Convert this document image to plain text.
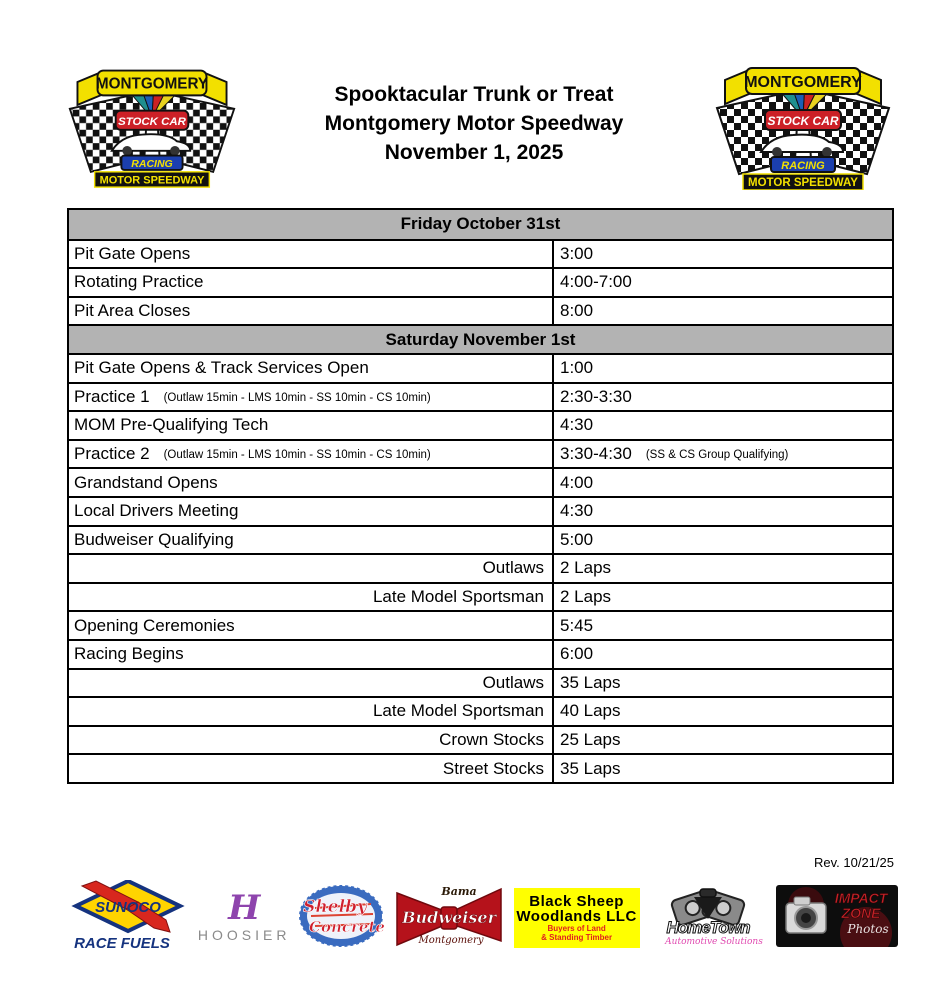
MONTGOMERY
STOCK CAR
RACING
MOTOR SPEEDWAY
MONTGOMERY
STOCK CAR
RACING
MOTOR SPEEDWAY
Spooktacular Trunk or Treat
Montgomery Motor Speedway
November 1, 2025
Friday October 31st
Pit Gate Opens	3:00
Rotating Practice	4:00-7:00
Pit Area Closes	8:00
Saturday November 1st
Pit Gate Opens & Track Services Open	1:00
Practice 1 (Outlaw 15min - LMS 10min - SS 10min - CS 10min)	2:30-3:30
MOM Pre-Qualifying Tech	4:30
Practice 2 (Outlaw 15min - LMS 10min - SS 10min - CS 10min)	3:30-4:30 (SS & CS Group Qualifying)
Grandstand Opens	4:00
Local Drivers Meeting	4:30
Budweiser Qualifying	5:00
Outlaws 2 Laps
Late Model Sportsman 2 Laps
Opening Ceremonies	5:45
Racing Begins	6:00
Outlaws 35 Laps
Late Model Sportsman 40 Laps
Crown Stocks 25 Laps
Street Stocks 35 Laps
Rev. 10/21/25
SUNOCO
RACE FUELS
H
HOOSIER
Shelby
Concrete
Bama
Budweiser
Montgomery
Black Sheep
Woodlands LLC
Buyers of Land
& Standing Timber
HomeTown
Automotive Solutions
IMPACT
ZONE
Photos
